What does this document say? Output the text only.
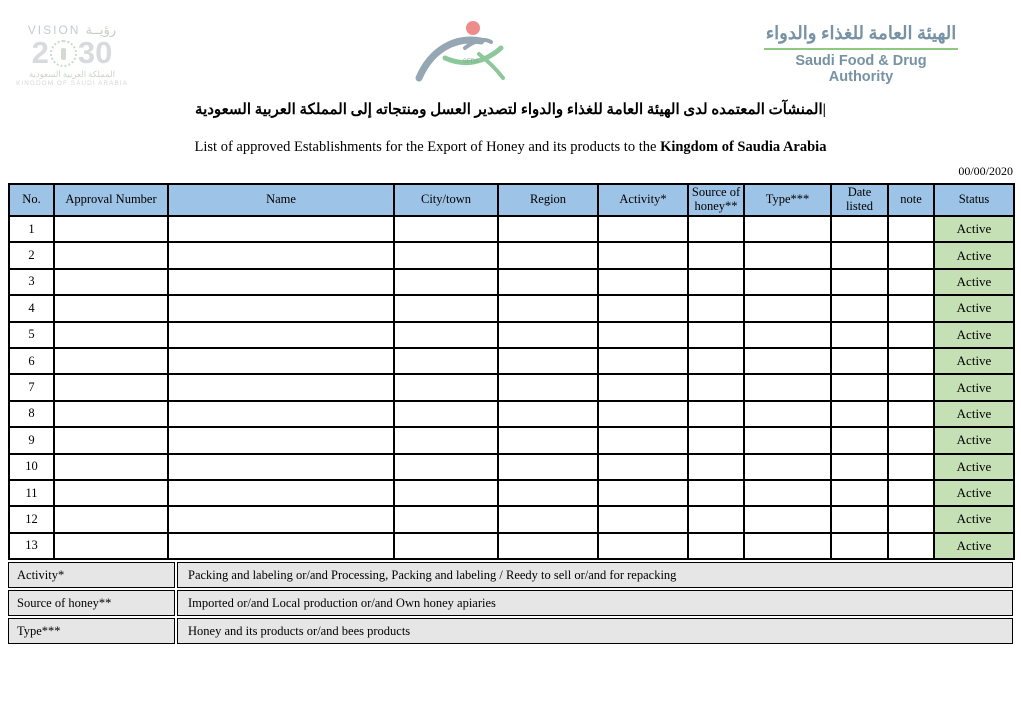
VISION رؤيــة
2 30
المملكة العربية السعودية
KINGDOM OF SAUDI ARABIA
SFDA
الهيئة العامة للغذاء والدواء
Saudi Food & Drug Authority
|المنشآت المعتمده لدى الهيئة العامة للغذاء والدواء لتصدير العسل ومنتجاته إلى المملكة العربية السعودية
List of approved Establishments for the Export of Honey and its products to the Kingdom of Saudia Arabia
00/00/2020
No.	Approval Number	Name	City/town	Region	Activity*	Source of honey**	Type***	Date listed	note	Status
1										Active
2										Active
3										Active
4										Active
5										Active
6										Active
7										Active
8										Active
9										Active
10										Active
11										Active
12										Active
13										Active
Activity*	Packing and labeling or/and Processing, Packing and labeling / Reedy to sell or/and for repacking
Source of honey**	Imported or/and Local production or/and Own honey apiaries
Type***	Honey and its products or/and bees products
